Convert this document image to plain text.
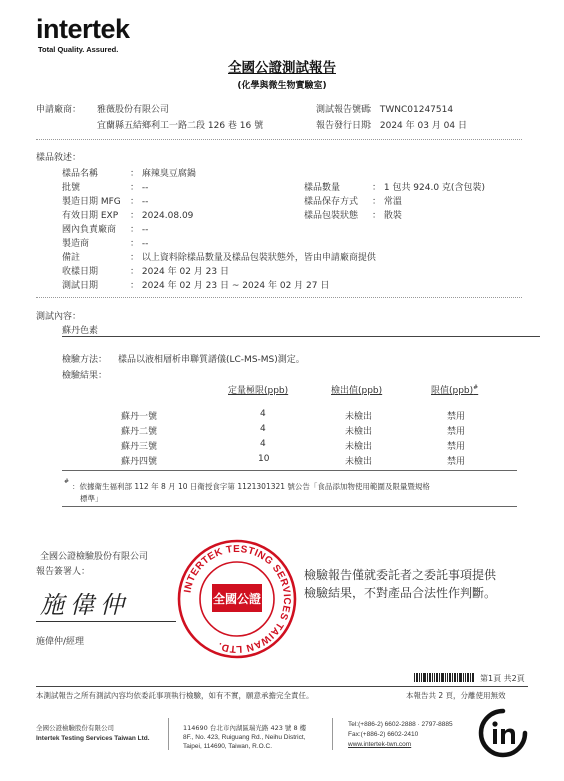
intertek
Total Quality. Assured.
全國公證測試報告
(化學與微生物實驗室)
申請廠商： 雅薇股份有限公司
宜蘭縣五結鄉利工一路二段 126 巷 16 號
測試報告號碼
： TWNC01247514
報告發行日期
： 2024 年 03 月 04 日
樣品敘述：
樣品名稱	： 麻辣臭豆腐鍋
批號	： --
製造日期 MFG ： --
有效日期 EXP ： 2024.08.09
國內負責廠商 ： --
製造商	： --
備註	： 以上資料除樣品數量及樣品包裝狀態外，皆由申請廠商提供
收樣日期	： 2024 年 02 月 23 日
測試日期	： 2024 年 02 月 23 日 ~ 2024 年 02 月 27 日
樣品數量	： 1 包共 924.0 克(含包裝)
樣品保存方式 ： 常溫
樣品包裝狀態 ： 散裝
測試內容：
蘇丹色素
檢驗方法： 樣品以液相層析串聯質譜儀(LC-MS-MS)測定。
檢驗結果：
定量極限(ppb)	檢出值(ppb)	限值(ppb)#
蘇丹一號	4	未檢出	禁用
蘇丹二號	4	未檢出	禁用
蘇丹三號	4	未檢出	禁用
蘇丹四號	10	未檢出	禁用
#
：依據衛生福利部 112 年 8 月 10 日衛授食字第 1121301321 號公告「食品添加物使用範圍及限量暨規格
標準」
全國公證檢驗股份有限公司
報告簽署人：
施偉仲
施偉仲/經理
INTERTEK TESTING SERVICES TAIWAN LTD.
全國公證
檢驗報告僅就委託者之委託事項提供
檢驗結果，不對產品合法性作判斷。
第1頁 共2頁
本測試報告之所有測試內容均依委託事項執行檢驗，如有不實，願意承擔完全責任。	本報告共 2 頁，分離使用無效
全國公證檢驗股份有限公司
Intertek Testing Services Taiwan Ltd.
114690 台北市內湖區瑞光路 423 號 8 樓
8F., No. 423, Ruiguang Rd., Neihu District,
Taipei, 114690, Taiwan, R.O.C.
Tel:(+886-2) 6602-2888 · 2797-8885
Fax:(+886-2) 6602-2410
www.intertek-twn.com
